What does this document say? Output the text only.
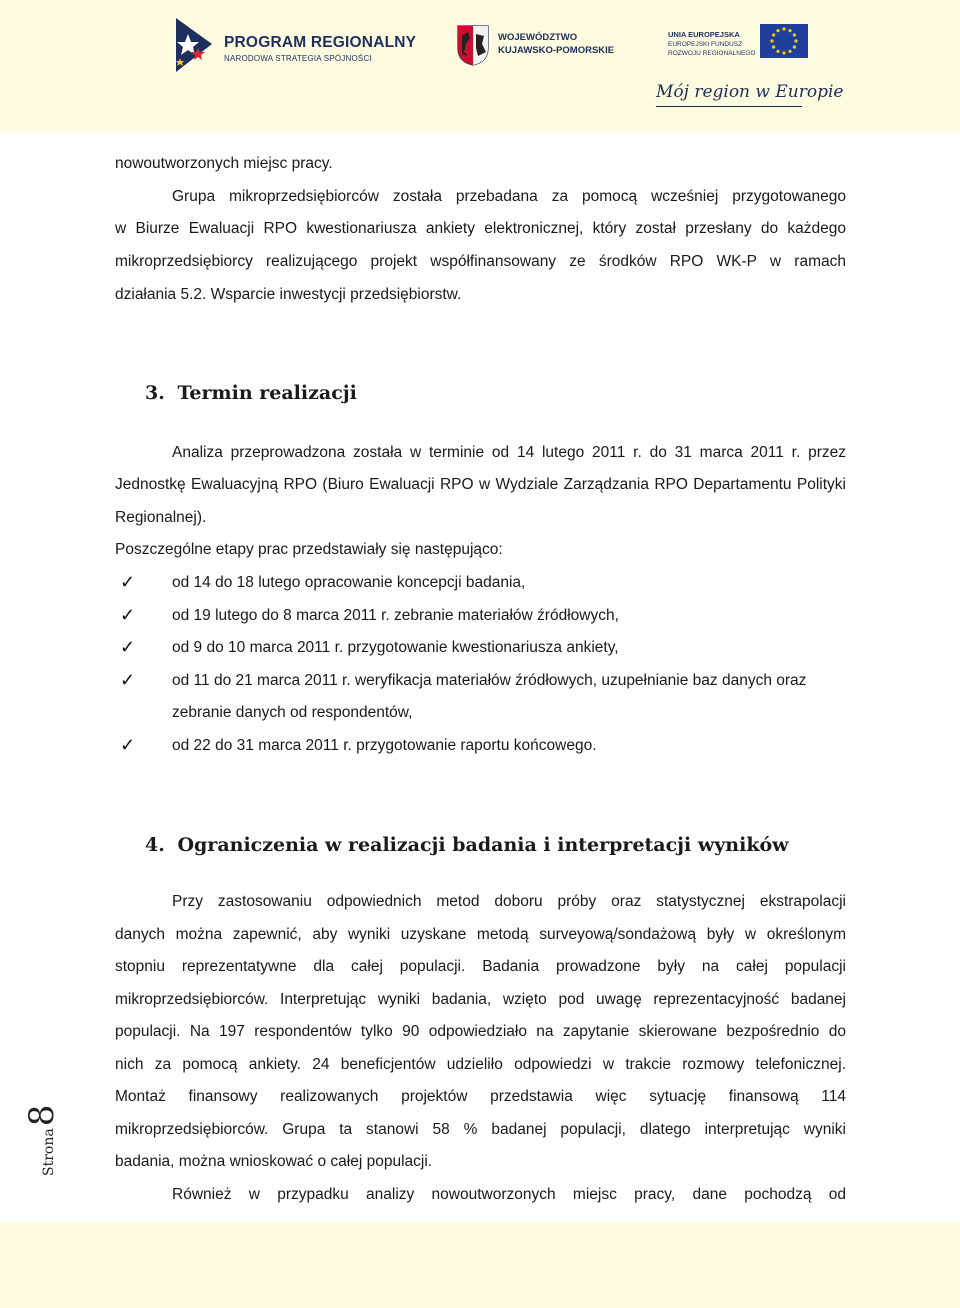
PROGRAM REGIONALNY
NARODOWA STRATEGIA SPÓJNOŚCI
WOJEWÓDZTWO
KUJAWSKO-POMORSKIE
UNIA EUROPEJSKA
EUROPEJSKI FUNDUSZ
ROZWOJU REGIONALNEGO
Mój region w Europie
nowoutworzonych miejsc pracy.
Grupa mikroprzedsiębiorców została przebadana za pomocą wcześniej przygotowanego
w Biurze Ewaluacji RPO kwestionariusza ankiety elektronicznej, który został przesłany do każdego
mikroprzedsiębiorcy realizującego projekt współfinansowany ze środków RPO WK-P w ramach
działania 5.2. Wsparcie inwestycji przedsiębiorstw.
3. Termin realizacji
Analiza przeprowadzona została w terminie od 14 lutego 2011 r. do 31 marca 2011 r. przez
Jednostkę Ewaluacyjną RPO (Biuro Ewaluacji RPO w Wydziale Zarządzania RPO Departamentu Polityki
Regionalnej).
Poszczególne etapy prac przedstawiały się następująco:
✓ od 14 do 18 lutego opracowanie koncepcji badania,
✓ od 19 lutego do 8 marca 2011 r. zebranie materiałów źródłowych,
✓ od 9 do 10 marca 2011 r. przygotowanie kwestionariusza ankiety,
✓ od 11 do 21 marca 2011 r. weryfikacja materiałów źródłowych, uzupełnianie baz danych oraz
zebranie danych od respondentów,
✓ od 22 do 31 marca 2011 r. przygotowanie raportu końcowego.
4. Ograniczenia w realizacji badania i interpretacji wyników
Przy zastosowaniu odpowiednich metod doboru próby oraz statystycznej ekstrapolacji
danych można zapewnić, aby wyniki uzyskane metodą surveyową/sondażową były w określonym
stopniu reprezentatywne dla całej populacji. Badania prowadzone były na całej populacji
mikroprzedsiębiorców. Interpretując wyniki badania, wzięto pod uwagę reprezentacyjność badanej
populacji. Na 197 respondentów tylko 90 odpowiedziało na zapytanie skierowane bezpośrednio do
nich za pomocą ankiety. 24 beneficjentów udzieliło odpowiedzi w trakcie rozmowy telefonicznej.
Montaż finansowy realizowanych projektów przedstawia więc sytuację finansową 114
mikroprzedsiębiorców. Grupa ta stanowi 58 % badanej populacji, dlatego interpretując wyniki
badania, można wnioskować o całej populacji.
Również w przypadku analizy nowoutworzonych miejsc pracy, dane pochodzą od
Strona8
